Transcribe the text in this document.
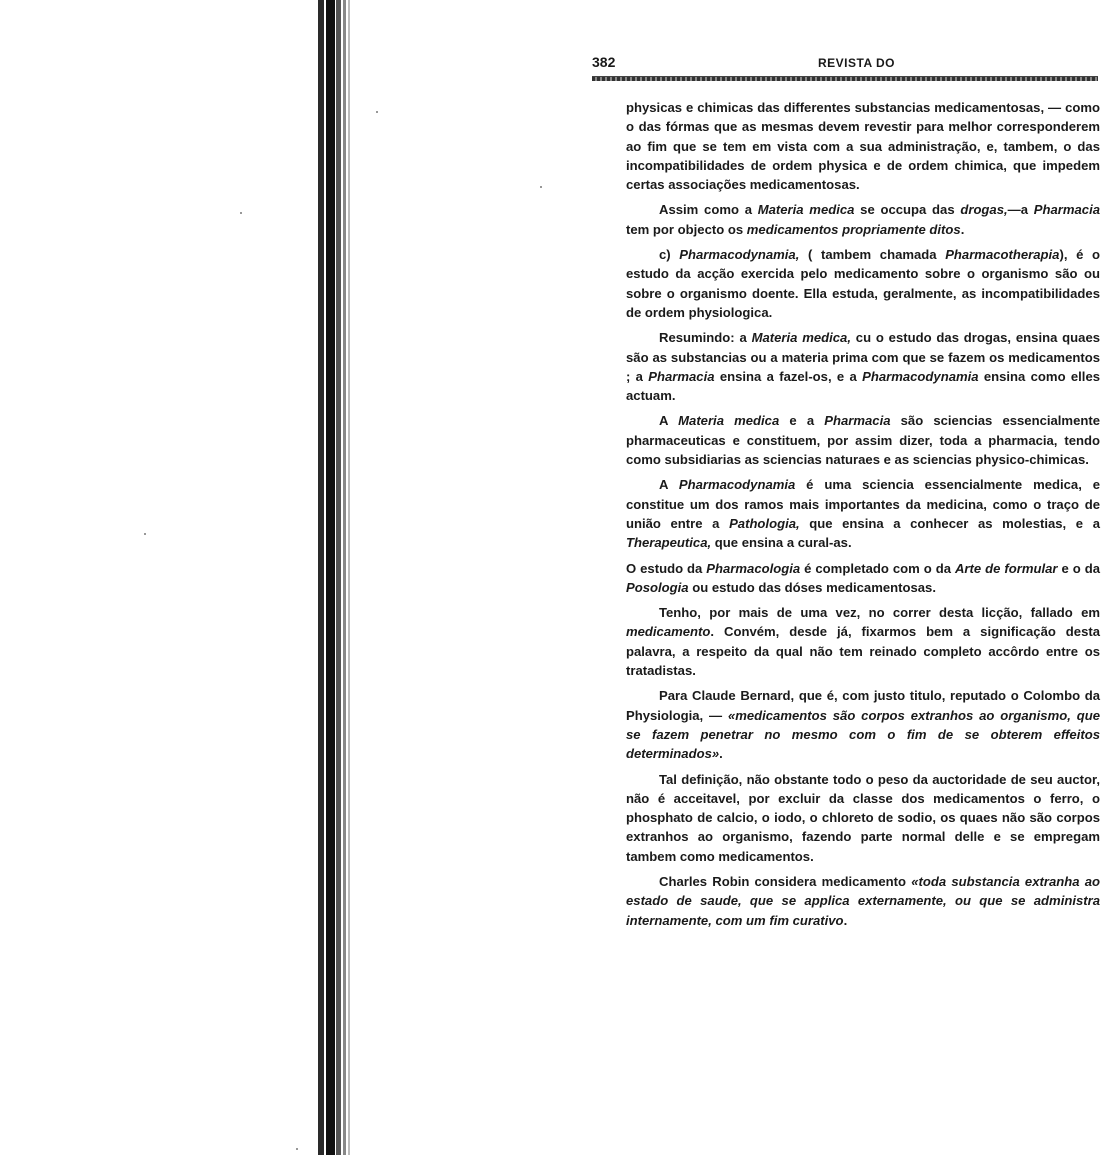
382	REVISTA DO

physicas e chimicas das differentes substancias medicamentosas, — como o das fórmas que as mesmas devem revestir para melhor corresponderem ao fim que se tem em vista com a sua administração, e, tambem, o das incompatibilidades de ordem physica e de ordem chimica, que impedem certas associações medicamentosas.

Assim como a Materia medica se occupa das drogas,—a Pharmacia tem por objecto os medicamentos propriamente ditos.

c) Pharmacodynamia, ( tambem chamada Pharmacotherapia), é o estudo da acção exercida pelo medicamento sobre o organismo são ou sobre o organismo doente. Ella estuda, geralmente, as incompatibilidades de ordem physiologica.

Resumindo: a Materia medica, cu o estudo das drogas, ensina quaes são as substancias ou a materia prima com que se fazem os medicamentos ; a Pharmacia ensina a fazel-os, e a Pharmacodynamia ensina como elles actuam.

A Materia medica e a Pharmacia são sciencias essencialmente pharmaceuticas e constituem, por assim dizer, toda a pharmacia, tendo como subsidiarias as sciencias naturaes e as sciencias physico-chimicas.

A Pharmacodynamia é uma sciencia essencialmente medica, e constitue um dos ramos mais importantes da medicina, como o traço de união entre a Pathologia, que ensina a conhecer as molestias, e a Therapeutica, que ensina a cural-as.

O estudo da Pharmacologia é completado com o da Arte de formular e o da Posologia ou estudo das dóses medicamentosas.

Tenho, por mais de uma vez, no correr desta licção, fallado em medicamento. Convém, desde já, fixarmos bem a significação desta palavra, a respeito da qual não tem reinado completo accôrdo entre os tratadistas.

Para Claude Bernard, que é, com justo titulo, reputado o Colombo da Physiologia, — «medicamentos são corpos extranhos ao organismo, que se fazem penetrar no mesmo com o fim de se obterem effeitos determinados».

Tal definição, não obstante todo o peso da auctoridade de seu auctor, não é acceitavel, por excluir da classe dos medicamentos o ferro, o phosphato de calcio, o iodo, o chloreto de sodio, os quaes não são corpos extranhos ao organismo, fazendo parte normal delle e se empregam tambem como medicamentos.

Charles Robin considera medicamento «toda substancia extranha ao estado de saude, que se applica externamente, ou que se administra internamente, com um fim curativo.
